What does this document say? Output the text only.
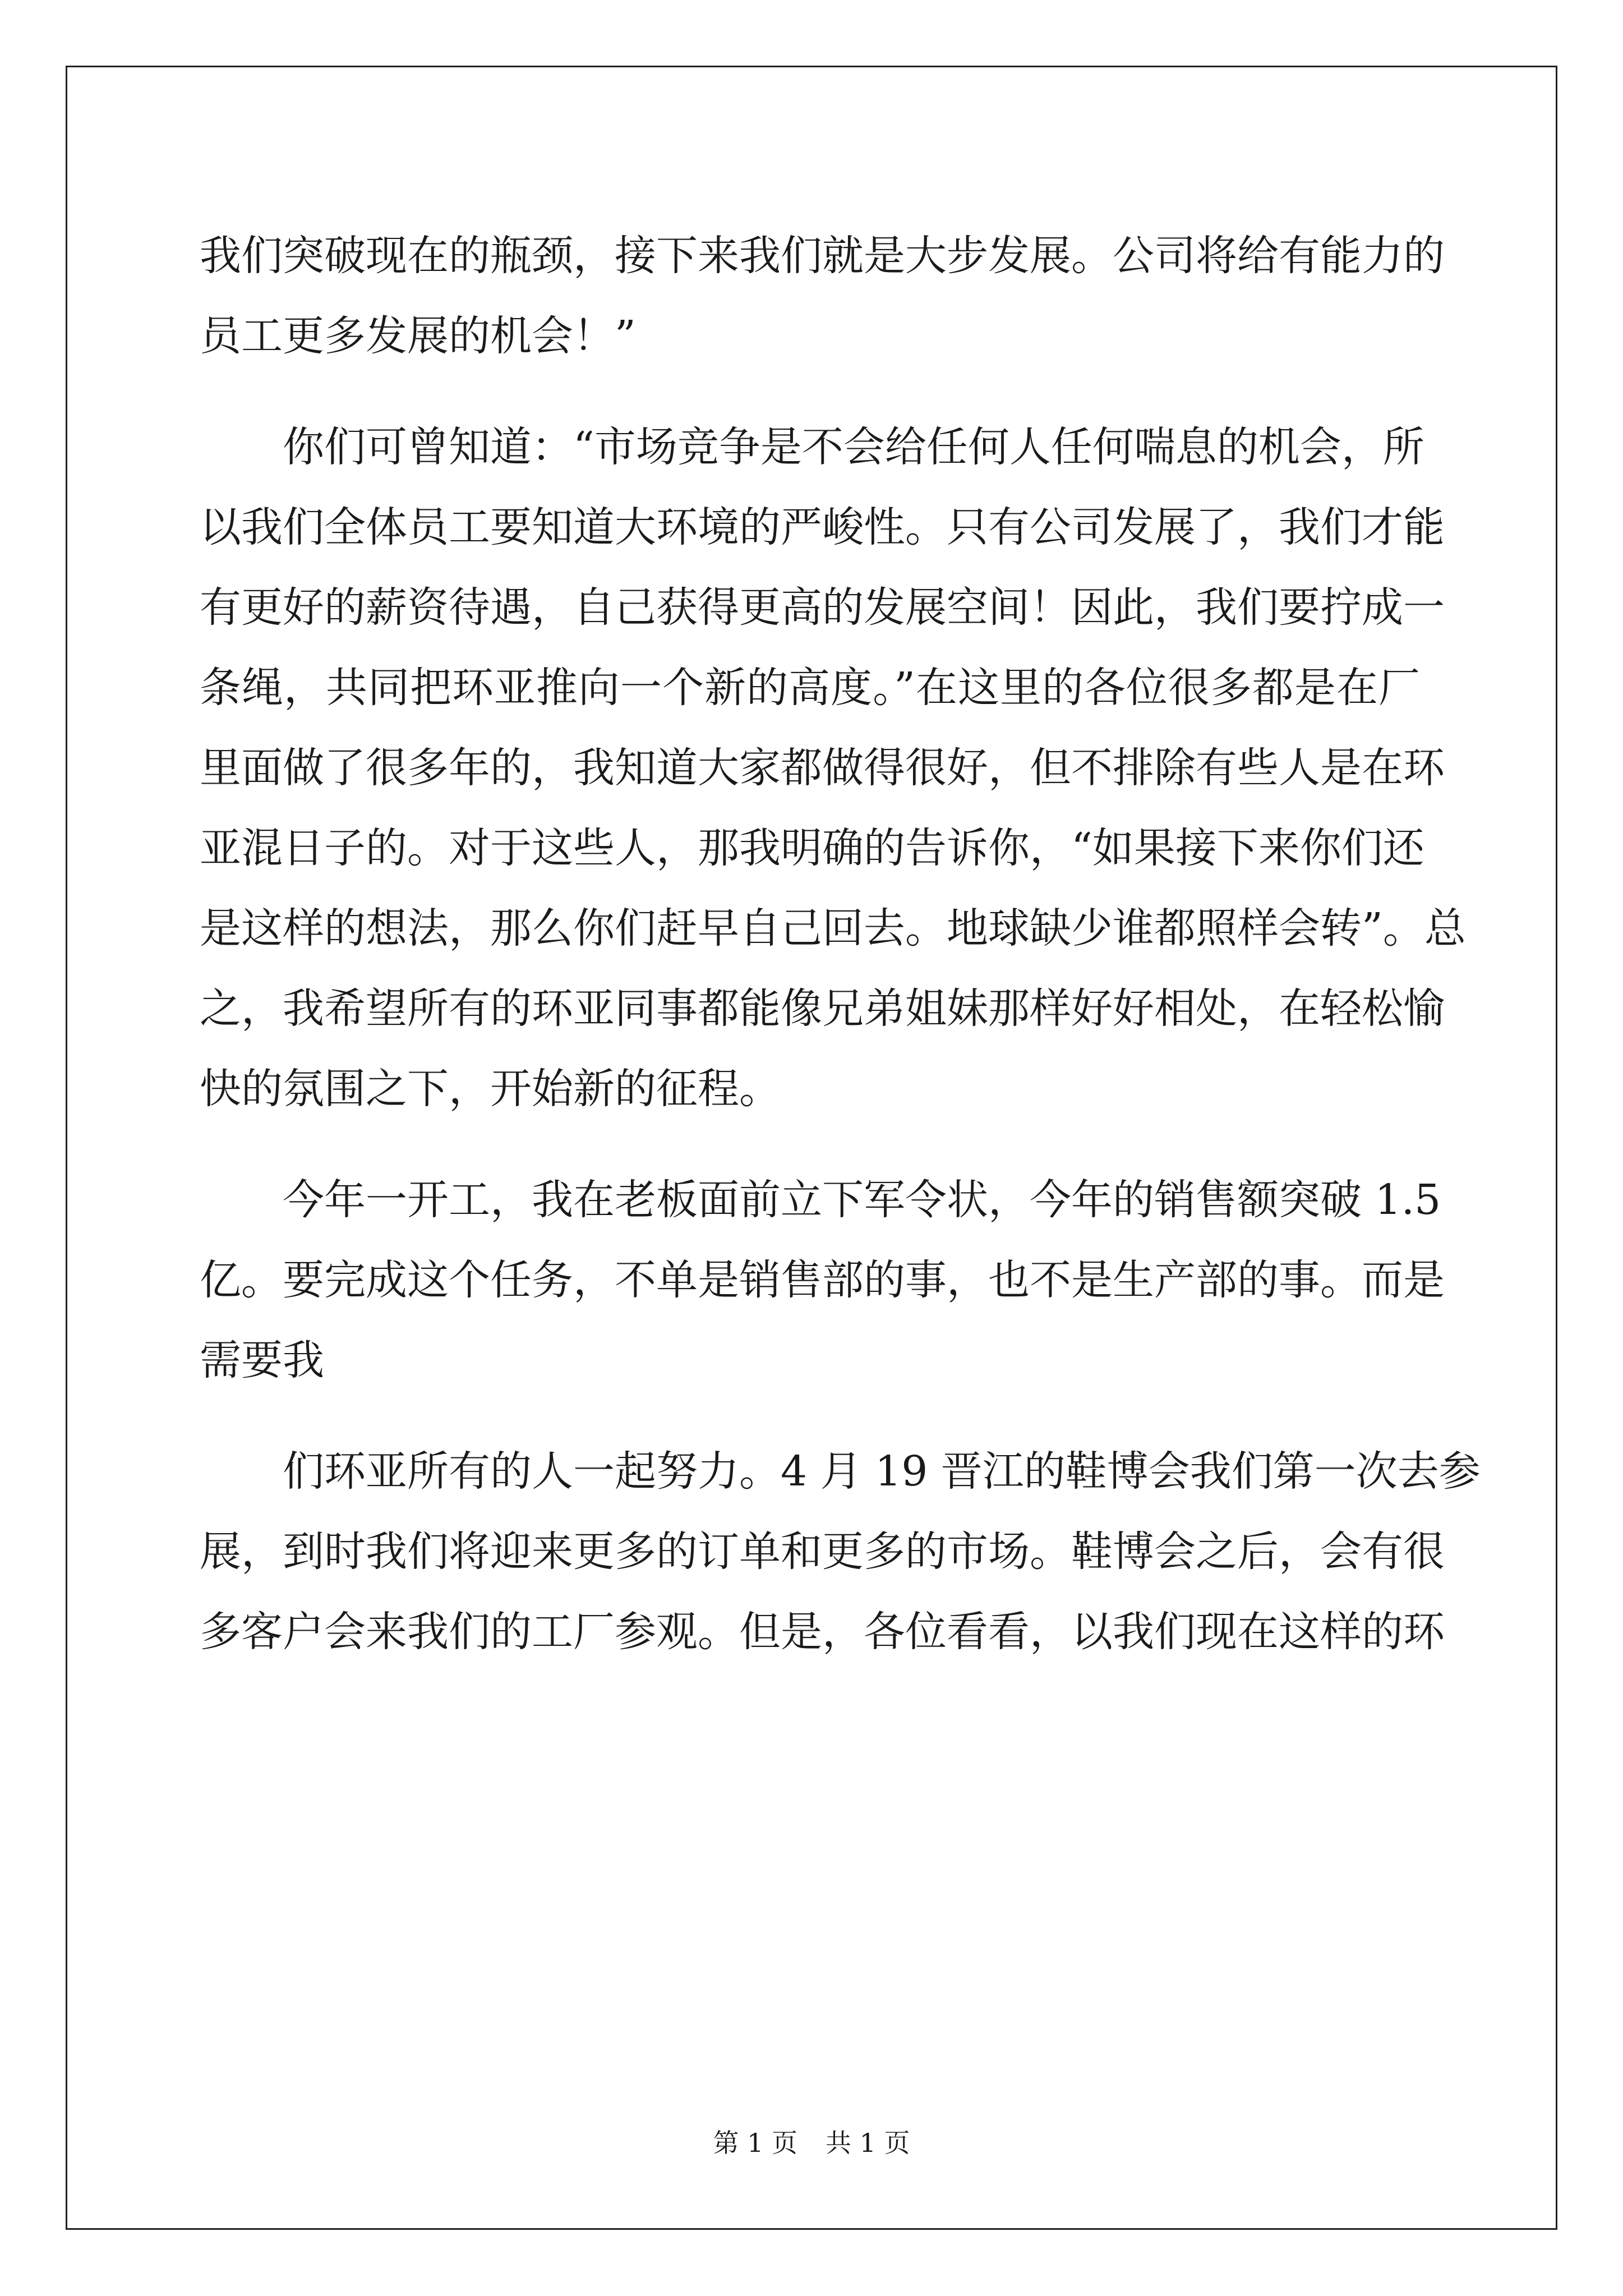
我们突破现在的瓶颈，接下来我们就是大步发展。公司将给有能力的
员工更多发展的机会！”
你们可曾知道：“市场竞争是不会给任何人任何喘息的机会，所
以我们全体员工要知道大环境的严峻性。只有公司发展了，我们才能
有更好的薪资待遇，自己获得更高的发展空间！因此，我们要拧成一
条绳，共同把环亚推向一个新的高度。”在这里的各位很多都是在厂
里面做了很多年的，我知道大家都做得很好，但不排除有些人是在环
亚混日子的。对于这些人，那我明确的告诉你，“如果接下来你们还
是这样的想法，那么你们赶早自己回去。地球缺少谁都照样会转”。总
之，我希望所有的环亚同事都能像兄弟姐妹那样好好相处，在轻松愉
快的氛围之下，开始新的征程。
今年一开工，我在老板面前立下军令状，今年的销售额突破 1.5
亿。要完成这个任务，不单是销售部的事，也不是生产部的事。而是
需要我
们环亚所有的人一起努力。4 月 19 晋江的鞋博会我们第一次去参
展，到时我们将迎来更多的订单和更多的市场。鞋博会之后，会有很
多客户会来我们的工厂参观。但是，各位看看，以我们现在这样的环
第 1 页 共 1 页
